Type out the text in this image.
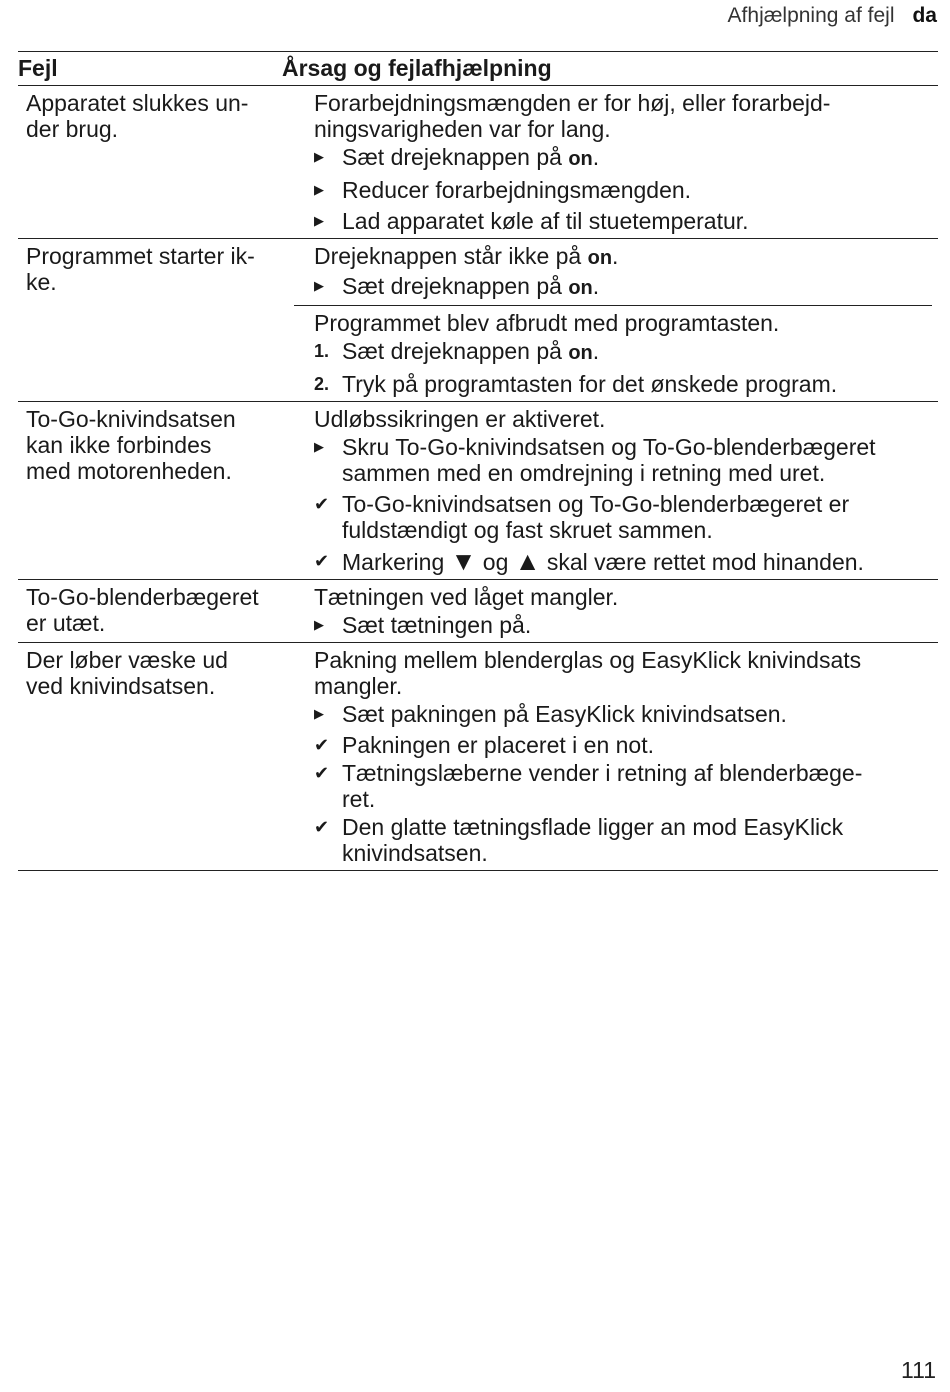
Afhjælpning af fejl da
Fejl	Årsag og fejlafhjælpning
Apparatet slukkes un-
der brug.
Forarbejdningsmængden er for høj, eller forarbejd-
ningsvarigheden var for lang.
▶ Sæt drejeknappen på on.
▶ Reducer forarbejdningsmængden.
▶ Lad apparatet køle af til stuetemperatur.
Programmet starter ik-
ke.
Drejeknappen står ikke på on.
▶ Sæt drejeknappen på on.
Programmet blev afbrudt med programtasten.
1. Sæt drejeknappen på on.
2. Tryk på programtasten for det ønskede program.
To-Go-knivindsatsen
kan ikke forbindes
med motorenheden.
Udløbssikringen er aktiveret.
▶ Skru To-Go-knivindsatsen og To-Go-blenderbægeret
sammen med en omdrejning i retning med uret.
✔ To-Go-knivindsatsen og To-Go-blenderbægeret er
fuldstændigt og fast skruet sammen.
✔ Markering ▼ og ▲ skal være rettet mod hinanden.
To-Go-blenderbægeret
er utæt.
Tætningen ved låget mangler.
▶ Sæt tætningen på.
Der løber væske ud
ved knivindsatsen.
Pakning mellem blenderglas og EasyKlick knivindsats
mangler.
▶ Sæt pakningen på EasyKlick knivindsatsen.
✔ Pakningen er placeret i en not.
✔ Tætningslæberne vender i retning af blenderbæge-
ret.
✔ Den glatte tætningsflade ligger an mod EasyKlick
knivindsatsen.
111
